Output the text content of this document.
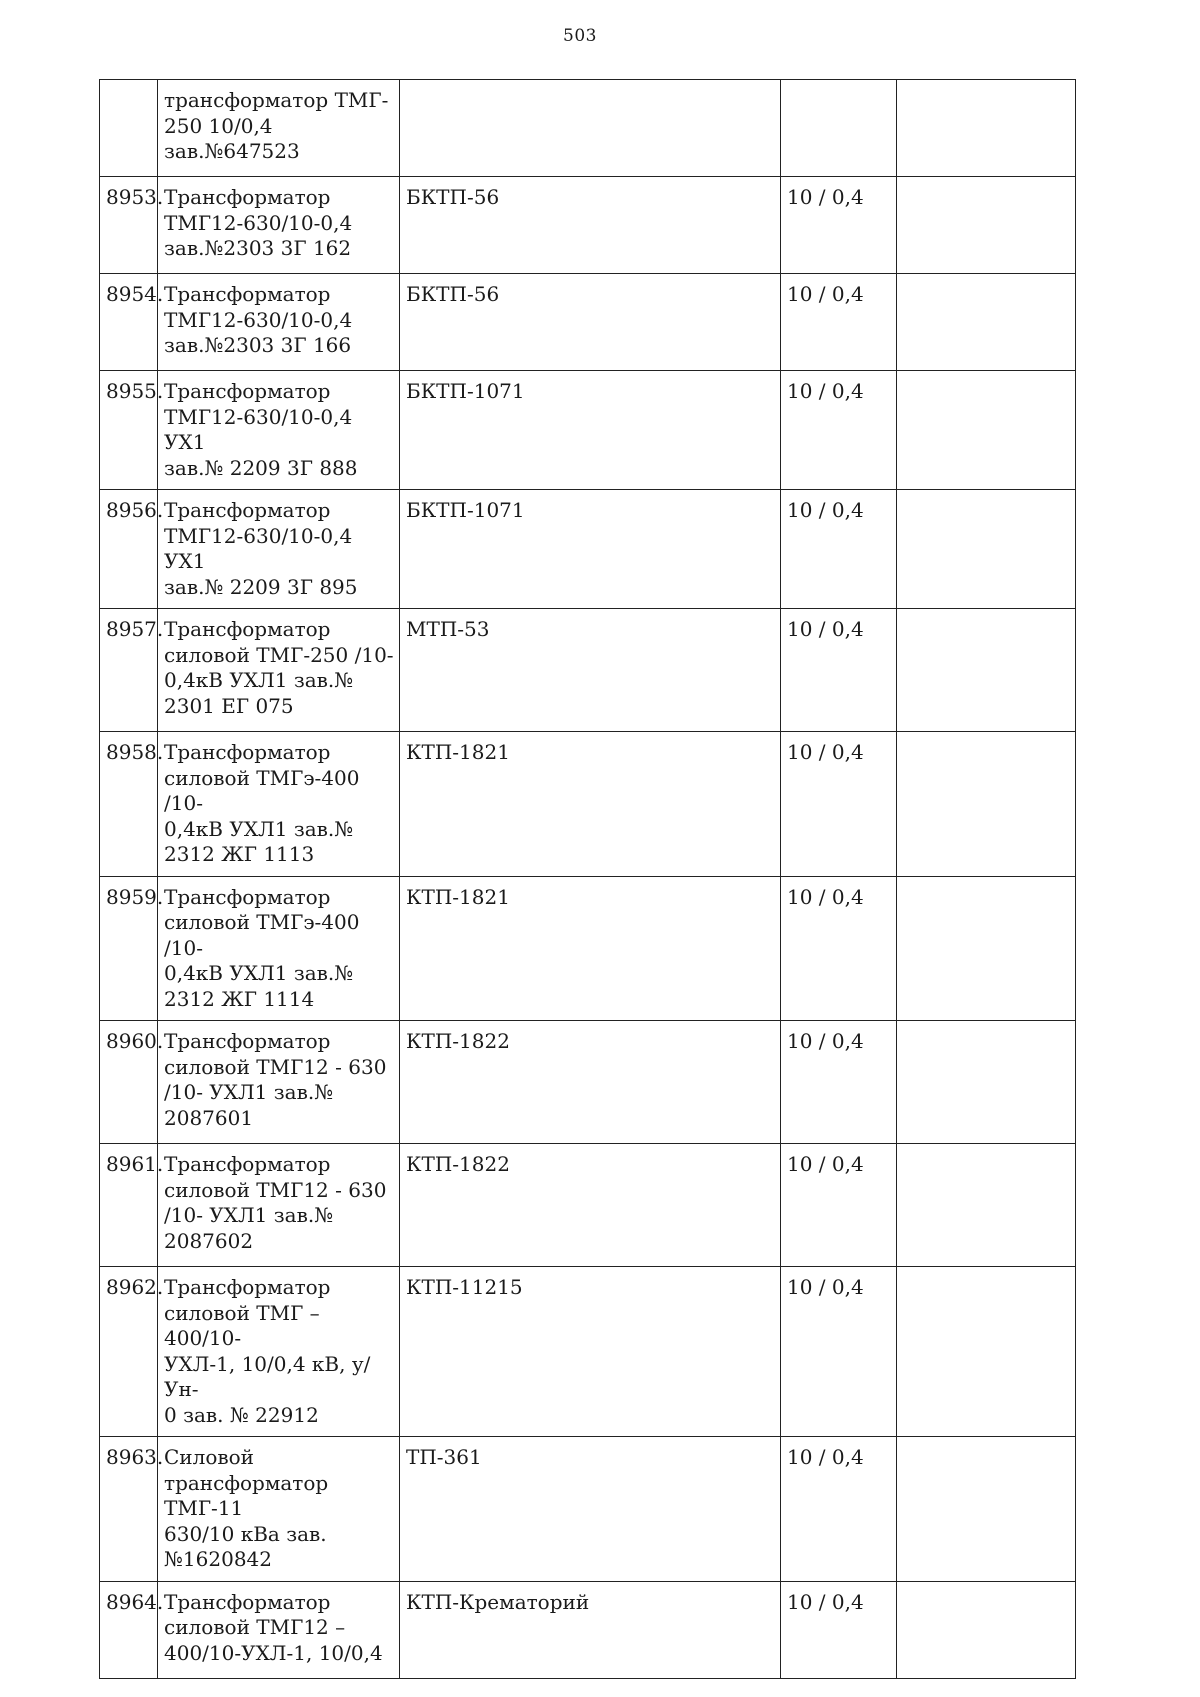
503
	трансформатор ТМГ-
250 10/0,4
зав.№647523			
8953.	Трансформатор
ТМГ12-630/10-0,4
зав.№2303 3Г 162	БКТП-56	10 / 0,4	
8954.	Трансформатор
ТМГ12-630/10-0,4
зав.№2303 3Г 166	БКТП-56	10 / 0,4	
8955.	Трансформатор
ТМГ12-630/10-0,4 УХ1
зав.№ 2209 3Г 888	БКТП-1071	10 / 0,4	
8956.	Трансформатор
ТМГ12-630/10-0,4 УХ1
зав.№ 2209 3Г 895	БКТП-1071	10 / 0,4	
8957.	Трансформатор
силовой ТМГ-250 /10-
0,4кВ УХЛ1 зав.№
2301 ЕГ 075	МТП-53	10 / 0,4	
8958.	Трансформатор
силовой ТМГэ-400 /10-
0,4кВ УХЛ1 зав.№
2312 ЖГ 1113	КТП-1821	10 / 0,4	
8959.	Трансформатор
силовой ТМГэ-400 /10-
0,4кВ УХЛ1 зав.№
2312 ЖГ 1114	КТП-1821	10 / 0,4	
8960.	Трансформатор
силовой ТМГ12 - 630
/10- УХЛ1 зав.№
2087601	КТП-1822	10 / 0,4	
8961.	Трансформатор
силовой ТМГ12 - 630
/10- УХЛ1 зав.№
2087602	КТП-1822	10 / 0,4	
8962.	Трансформатор
силовой ТМГ – 400/10-
УХЛ-1, 10/0,4 кВ, у/Ун-
0 зав. № 22912	КТП-11215	10 / 0,4	
8963.	Силовой
трансформатор ТМГ-11
630/10 кВа зав.
№1620842	ТП-361	10 / 0,4	
8964.	Трансформатор
силовой ТМГ12 –
400/10-УХЛ-1, 10/0,4	КТП-Крематорий	10 / 0,4	
